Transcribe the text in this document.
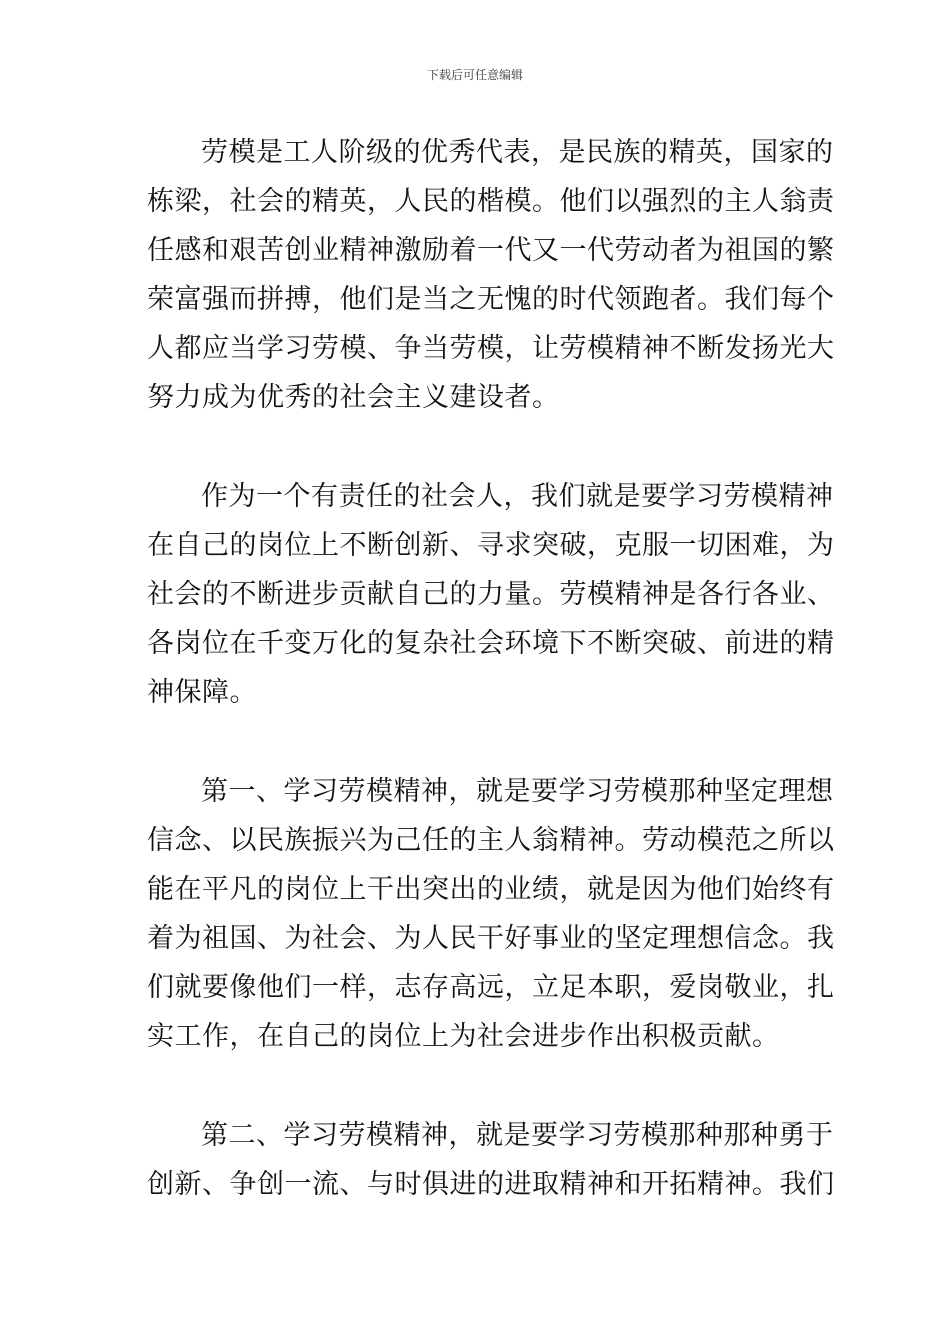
下载后可任意编辑

劳模是工人阶级的优秀代表，是民族的精英，国家的
栋梁，社会的精英，人民的楷模。他们以强烈的主人翁责
任感和艰苦创业精神激励着一代又一代劳动者为祖国的繁
荣富强而拼搏，他们是当之无愧的时代领跑者。我们每个
人都应当学习劳模、争当劳模，让劳模精神不断发扬光大
努力成为优秀的社会主义建设者。

作为一个有责任的社会人，我们就是要学习劳模精神
在自己的岗位上不断创新、寻求突破，克服一切困难，为
社会的不断进步贡献自己的力量。劳模精神是各行各业、
各岗位在千变万化的复杂社会环境下不断突破、前进的精
神保障。

第一、学习劳模精神，就是要学习劳模那种坚定理想
信念、以民族振兴为己任的主人翁精神。劳动模范之所以
能在平凡的岗位上干出突出的业绩，就是因为他们始终有
着为祖国、为社会、为人民干好事业的坚定理想信念。我
们就要像他们一样，志存高远，立足本职，爱岗敬业，扎
实工作，在自己的岗位上为社会进步作出积极贡献。

第二、学习劳模精神，就是要学习劳模那种那种勇于
创新、争创一流、与时俱进的进取精神和开拓精神。我们
